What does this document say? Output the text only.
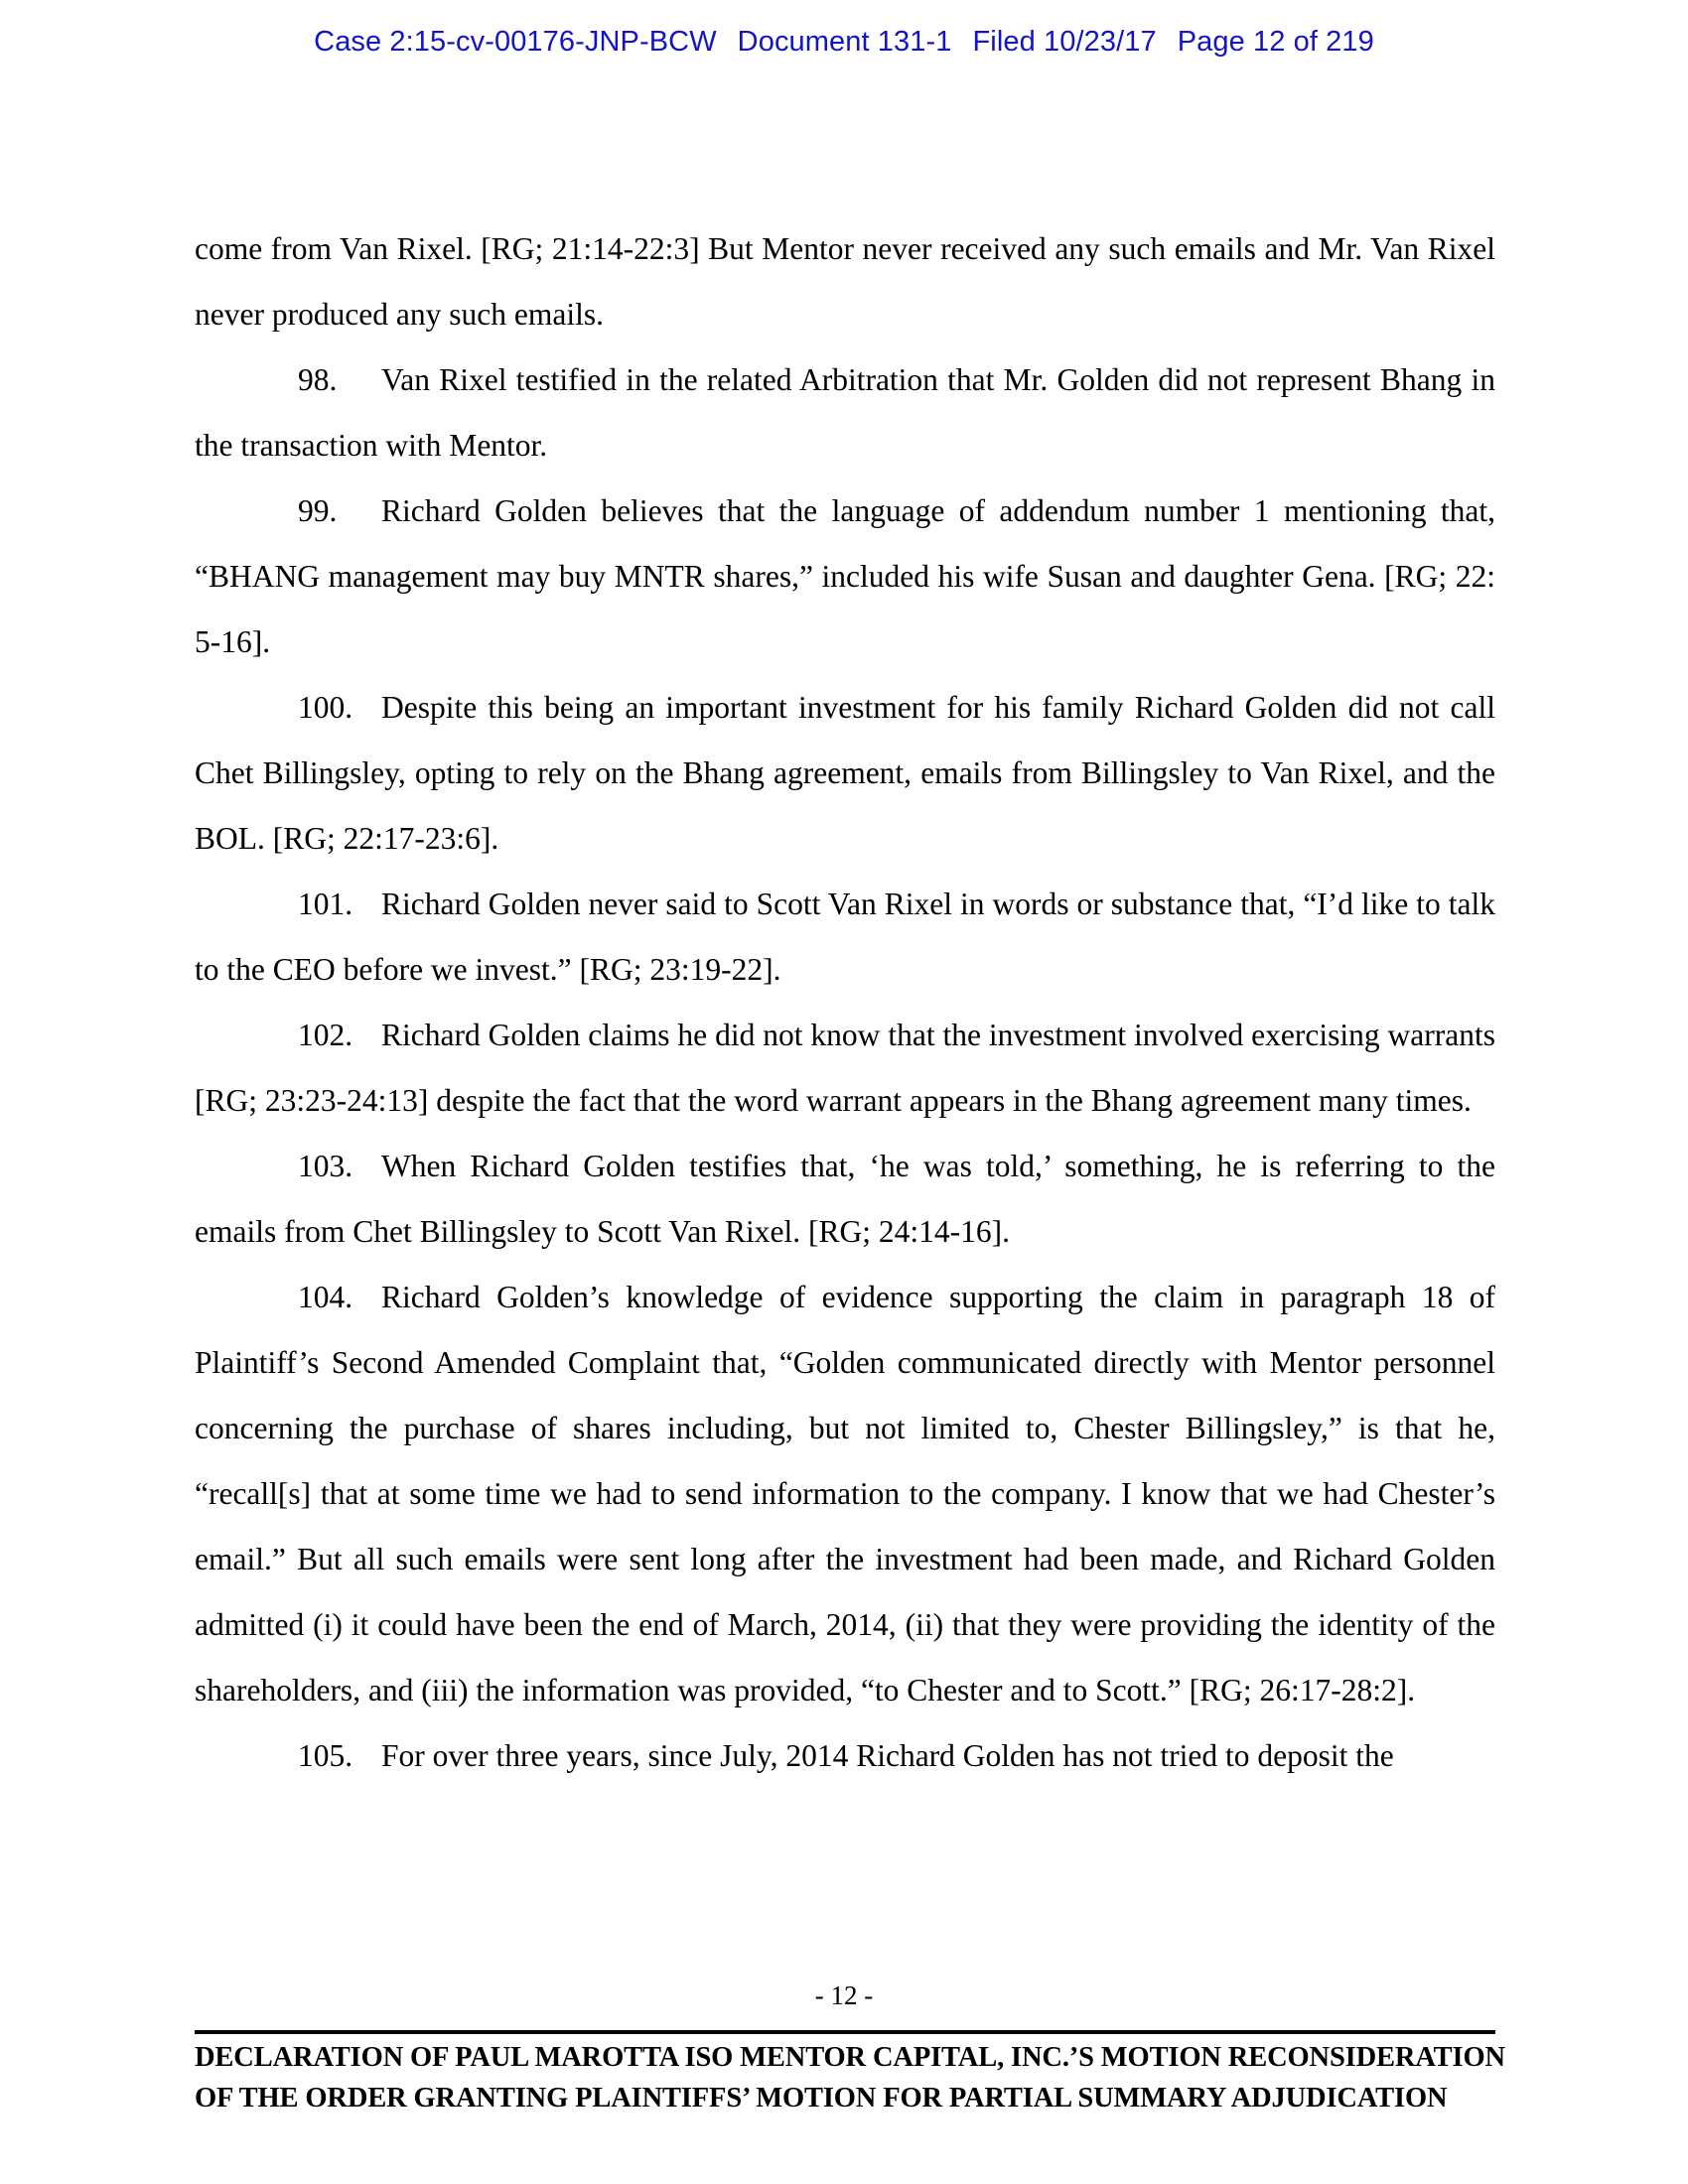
Case 2:15-cv-00176-JNP-BCW Document 131-1 Filed 10/23/17 Page 12 of 219

come from Van Rixel. [RG; 21:14-22:3] But Mentor never received any such emails and Mr. Van Rixel never produced any such emails.

98. Van Rixel testified in the related Arbitration that Mr. Golden did not represent Bhang in the transaction with Mentor.

99. Richard Golden believes that the language of addendum number 1 mentioning that, “BHANG management may buy MNTR shares,” included his wife Susan and daughter Gena. [RG; 22: 5-16].

100. Despite this being an important investment for his family Richard Golden did not call Chet Billingsley, opting to rely on the Bhang agreement, emails from Billingsley to Van Rixel, and the BOL. [RG; 22:17-23:6].

101. Richard Golden never said to Scott Van Rixel in words or substance that, “I’d like to talk to the CEO before we invest.” [RG; 23:19-22].

102. Richard Golden claims he did not know that the investment involved exercising warrants [RG; 23:23-24:13] despite the fact that the word warrant appears in the Bhang agreement many times.

103. When Richard Golden testifies that, ‘he was told,’ something, he is referring to the emails from Chet Billingsley to Scott Van Rixel. [RG; 24:14-16].

104. Richard Golden’s knowledge of evidence supporting the claim in paragraph 18 of Plaintiff’s Second Amended Complaint that, “Golden communicated directly with Mentor personnel concerning the purchase of shares including, but not limited to, Chester Billingsley,” is that he, “recall[s] that at some time we had to send information to the company. I know that we had Chester’s email.” But all such emails were sent long after the investment had been made, and Richard Golden admitted (i) it could have been the end of March, 2014, (ii) that they were providing the identity of the shareholders, and (iii) the information was provided, “to Chester and to Scott.” [RG; 26:17-28:2].

105. For over three years, since July, 2014 Richard Golden has not tried to deposit the

- 12 -
DECLARATION OF PAUL MAROTTA ISO MENTOR CAPITAL, INC.’S MOTION RECONSIDERATION
OF THE ORDER GRANTING PLAINTIFFS’ MOTION FOR PARTIAL SUMMARY ADJUDICATION
